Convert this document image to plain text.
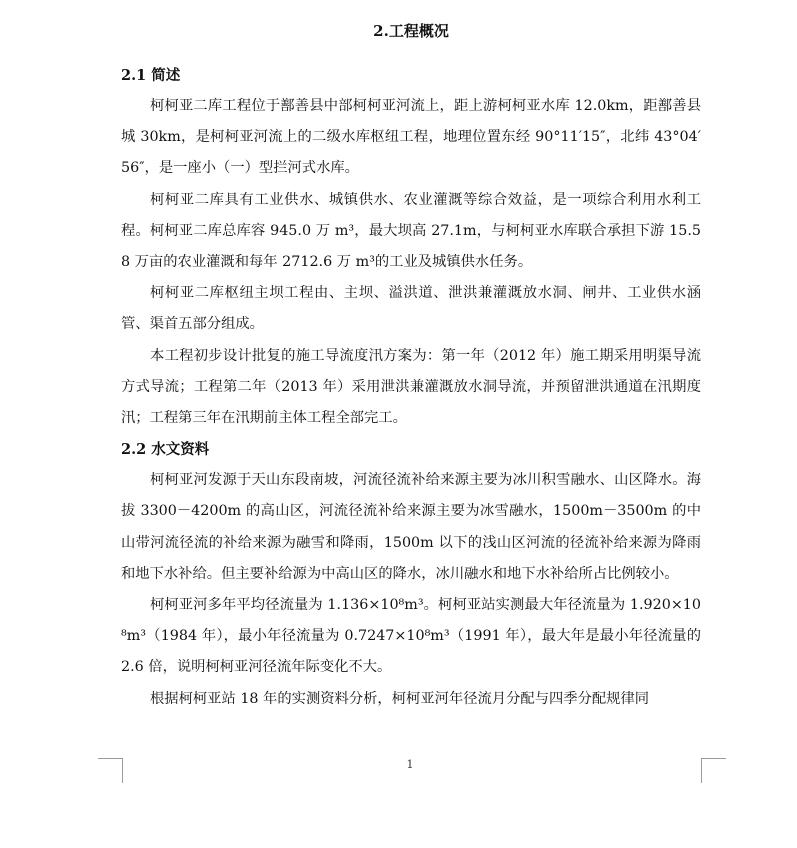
2.工程概况
2.1 简述

柯柯亚二库工程位于鄯善县中部柯柯亚河流上，距上游柯柯亚水库 12.0km，距鄯善县城 30km，是柯柯亚河流上的二级水库枢纽工程，地理位置东经 90°11′15″，北纬 43°04′56″，是一座小（一）型拦河式水库。

柯柯亚二库具有工业供水、城镇供水、农业灌溉等综合效益，是一项综合利用水利工程。柯柯亚二库总库容 945.0 万 m³，最大坝高 27.1m，与柯柯亚水库联合承担下游 15.58 万亩的农业灌溉和每年 2712.6 万 m³的工业及城镇供水任务。

柯柯亚二库枢纽主坝工程由、主坝、溢洪道、泄洪兼灌溉放水洞、闸井、工业供水涵管、渠首五部分组成。

本工程初步设计批复的施工导流度汛方案为：第一年（2012 年）施工期采用明渠导流方式导流；工程第二年（2013 年）采用泄洪兼灌溉放水洞导流，并预留泄洪通道在汛期度汛；工程第三年在汛期前主体工程全部完工。

2.2 水文资料

柯柯亚河发源于天山东段南坡，河流径流补给来源主要为冰川积雪融水、山区降水。海拔 3300－4200m 的高山区，河流径流补给来源主要为冰雪融水，1500m－3500m 的中山带河流径流的补给来源为融雪和降雨，1500m 以下的浅山区河流的径流补给来源为降雨和地下水补给。但主要补给源为中高山区的降水，冰川融水和地下水补给所占比例较小。

柯柯亚河多年平均径流量为 1.136×10⁸m³。柯柯亚站实测最大年径流量为 1.920×10⁸m³（1984 年），最小年径流量为 0.7247×10⁸m³（1991 年），最大年是最小年径流量的 2.6 倍，说明柯柯亚河径流年际变化不大。

根据柯柯亚站 18 年的实测资料分析，柯柯亚河年径流月分配与四季分配规律同

1
